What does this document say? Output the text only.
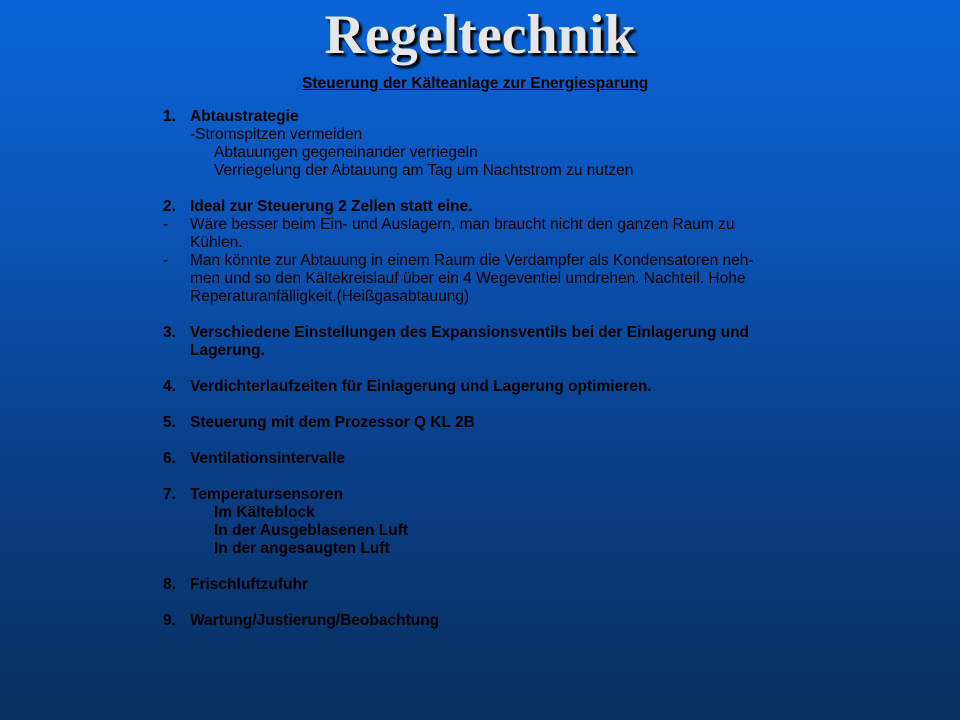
Regeltechnik
Steuerung der Kälteanlage zur Energiesparung
1. Abtaustrategie
-Stromspitzen vermeiden
Abtauungen gegeneinander verriegeln
Verriegelung der Abtauung am Tag um Nachtstrom zu nutzen
2. Ideal zur Steuerung 2 Zellen statt eine.
-	Wäre besser beim Ein- und Auslagern, man braucht nicht den ganzen Raum zu
Kühlen.
-	Man könnte zur Abtauung in einem Raum die Verdampfer als Kondensatoren neh-
men und so den Kältekreislauf über ein 4 Wegeventiel umdrehen. Nachteil. Hohe
Reperaturanfälligkeit.(Heißgasabtauung)
3. Verschiedene Einstellungen des Expansionsventils bei der Einlagerung und
Lagerung.
4. Verdichterlaufzeiten für Einlagerung und Lagerung optimieren.
5. Steuerung mit dem Prozessor Q KL 2B
6. Ventilationsintervalle
7. Temperatursensoren
Im Kälteblock
In der Ausgeblasenen Luft
In der angesaugten Luft
8. Frischluftzufuhr
9. Wartung/Justierung/Beobachtung
